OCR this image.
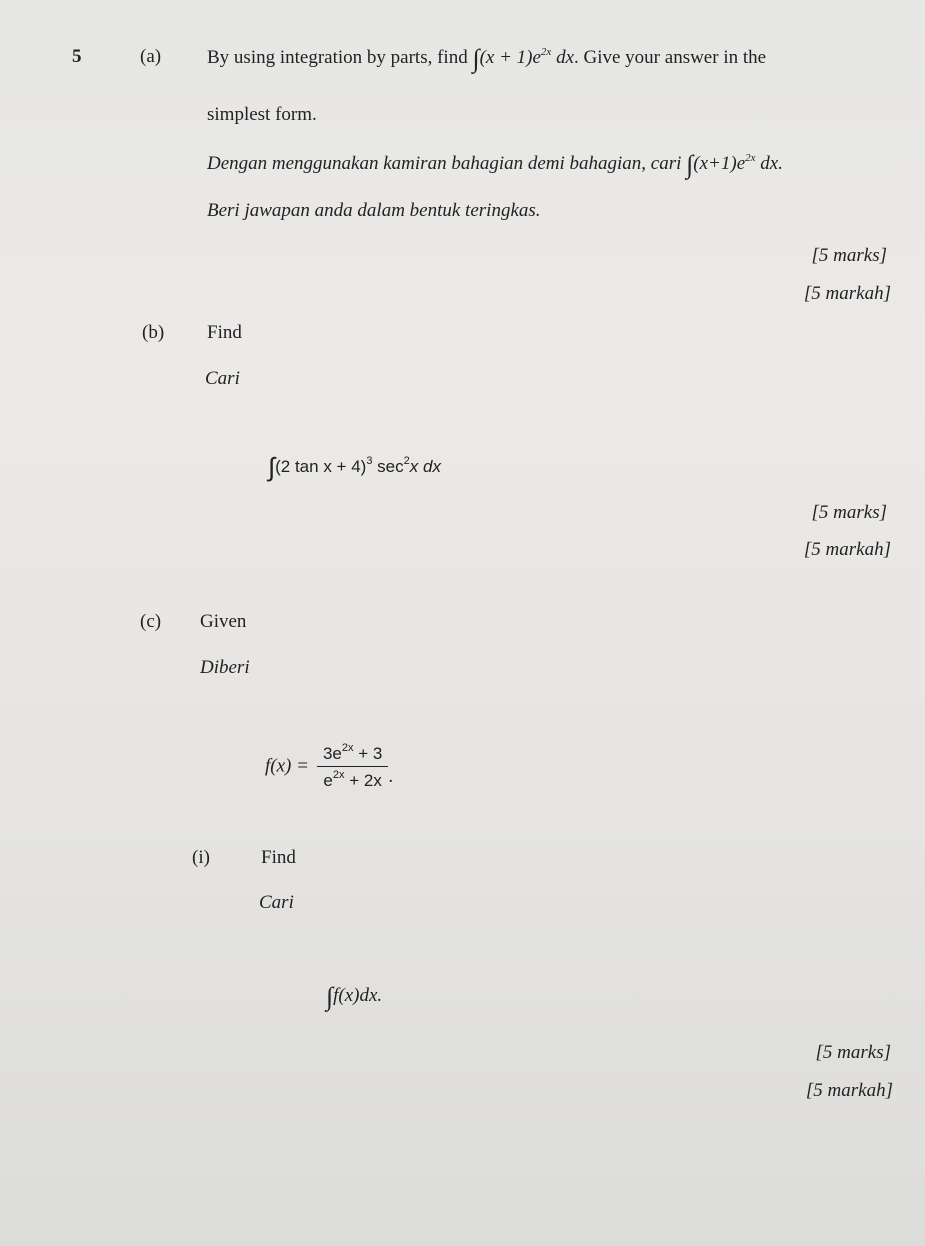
5	(a) By using integration by parts, find $\int(x + 1)e^{2x}$ dx. Give your answer in the
simplest form.
Dengan menggunakan kamiran bahagian demi bahagian, cari $\int(x+1)e^{2x}$ dx.
Beri jawapan anda dalam bentuk teringkas.
[5 marks]
[5 markah]
(b) Find
Cari
∫(2 tan x + 4)$^3$ $\sec^2x$ dx
[5 marks]
[5 markah]
(c) Given
Diberi
$f(x) = \frac{3e^{2x} + 3}{e^{2x} + 2x}$ .
(i)	Find
Cari
∫f(x)dx.
[5 marks]
[5 markah]
